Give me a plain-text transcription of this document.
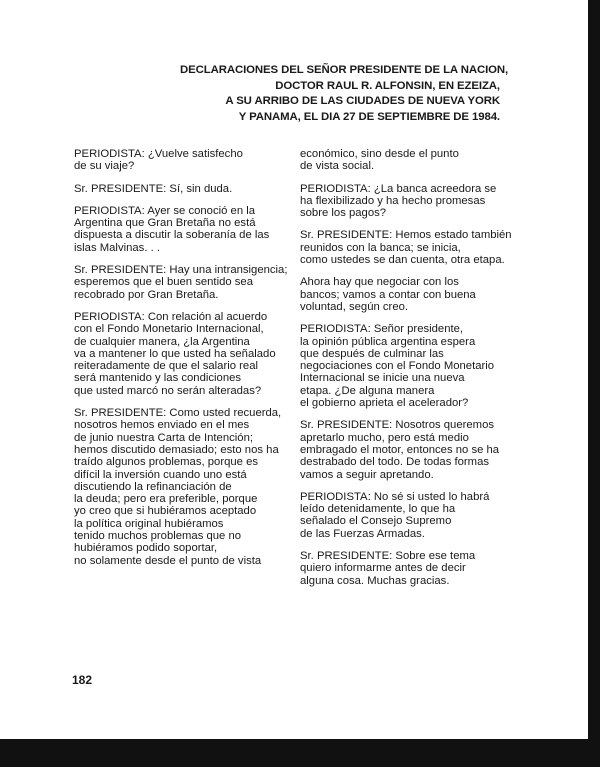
DECLARACIONES DEL SEÑOR PRESIDENTE DE LA NACION,
DOCTOR RAUL R. ALFONSIN, EN EZEIZA,
A SU ARRIBO DE LAS CIUDADES DE NUEVA YORK
Y PANAMA, EL DIA 27 DE SEPTIEMBRE DE 1984.
PERIODISTA: ¿Vuelve satisfecho
de su viaje?
Sr. PRESIDENTE: Sí, sin duda.
PERIODISTA: Ayer se conoció en la
Argentina que Gran Bretaña no está
dispuesta a discutir la soberanía de las
islas Malvinas. . .
Sr. PRESIDENTE: Hay una intransigencia;
esperemos que el buen sentido sea
recobrado por Gran Bretaña.
PERIODISTA: Con relación al acuerdo
con el Fondo Monetario Internacional,
de cualquier manera, ¿la Argentina
va a mantener lo que usted ha señalado
reiteradamente de que el salario real
será mantenido y las condiciones
que usted marcó no serán alteradas?
Sr. PRESIDENTE: Como usted recuerda,
nosotros hemos enviado en el mes
de junio nuestra Carta de Intención;
hemos discutido demasiado; esto nos ha
traído algunos problemas, porque es
difícil la inversión cuando uno está
discutiendo la refinanciación de
la deuda; pero era preferible, porque
yo creo que si hubiéramos aceptado
la política original hubiéramos
tenido muchos problemas que no
hubiéramos podido soportar,
no solamente desde el punto de vista
económico, sino desde el punto
de vista social.
PERIODISTA: ¿La banca acreedora se
ha flexibilizado y ha hecho promesas
sobre los pagos?
Sr. PRESIDENTE: Hemos estado también
reunidos con la banca; se inicia,
como ustedes se dan cuenta, otra etapa.
Ahora hay que negociar con los
bancos; vamos a contar con buena
voluntad, según creo.
PERIODISTA: Señor presidente,
la opinión pública argentina espera
que después de culminar las
negociaciones con el Fondo Monetario
Internacional se inicie una nueva
etapa. ¿De alguna manera
el gobierno aprieta el acelerador?
Sr. PRESIDENTE: Nosotros queremos
apretarlo mucho, pero está medio
embragado el motor, entonces no se ha
destrabado del todo. De todas formas
vamos a seguir apretando.
PERIODISTA: No sé si usted lo habrá
leído detenidamente, lo que ha
señalado el Consejo Supremo
de las Fuerzas Armadas.
Sr. PRESIDENTE: Sobre ese tema
quiero informarme antes de decir
alguna cosa. Muchas gracias.
182
